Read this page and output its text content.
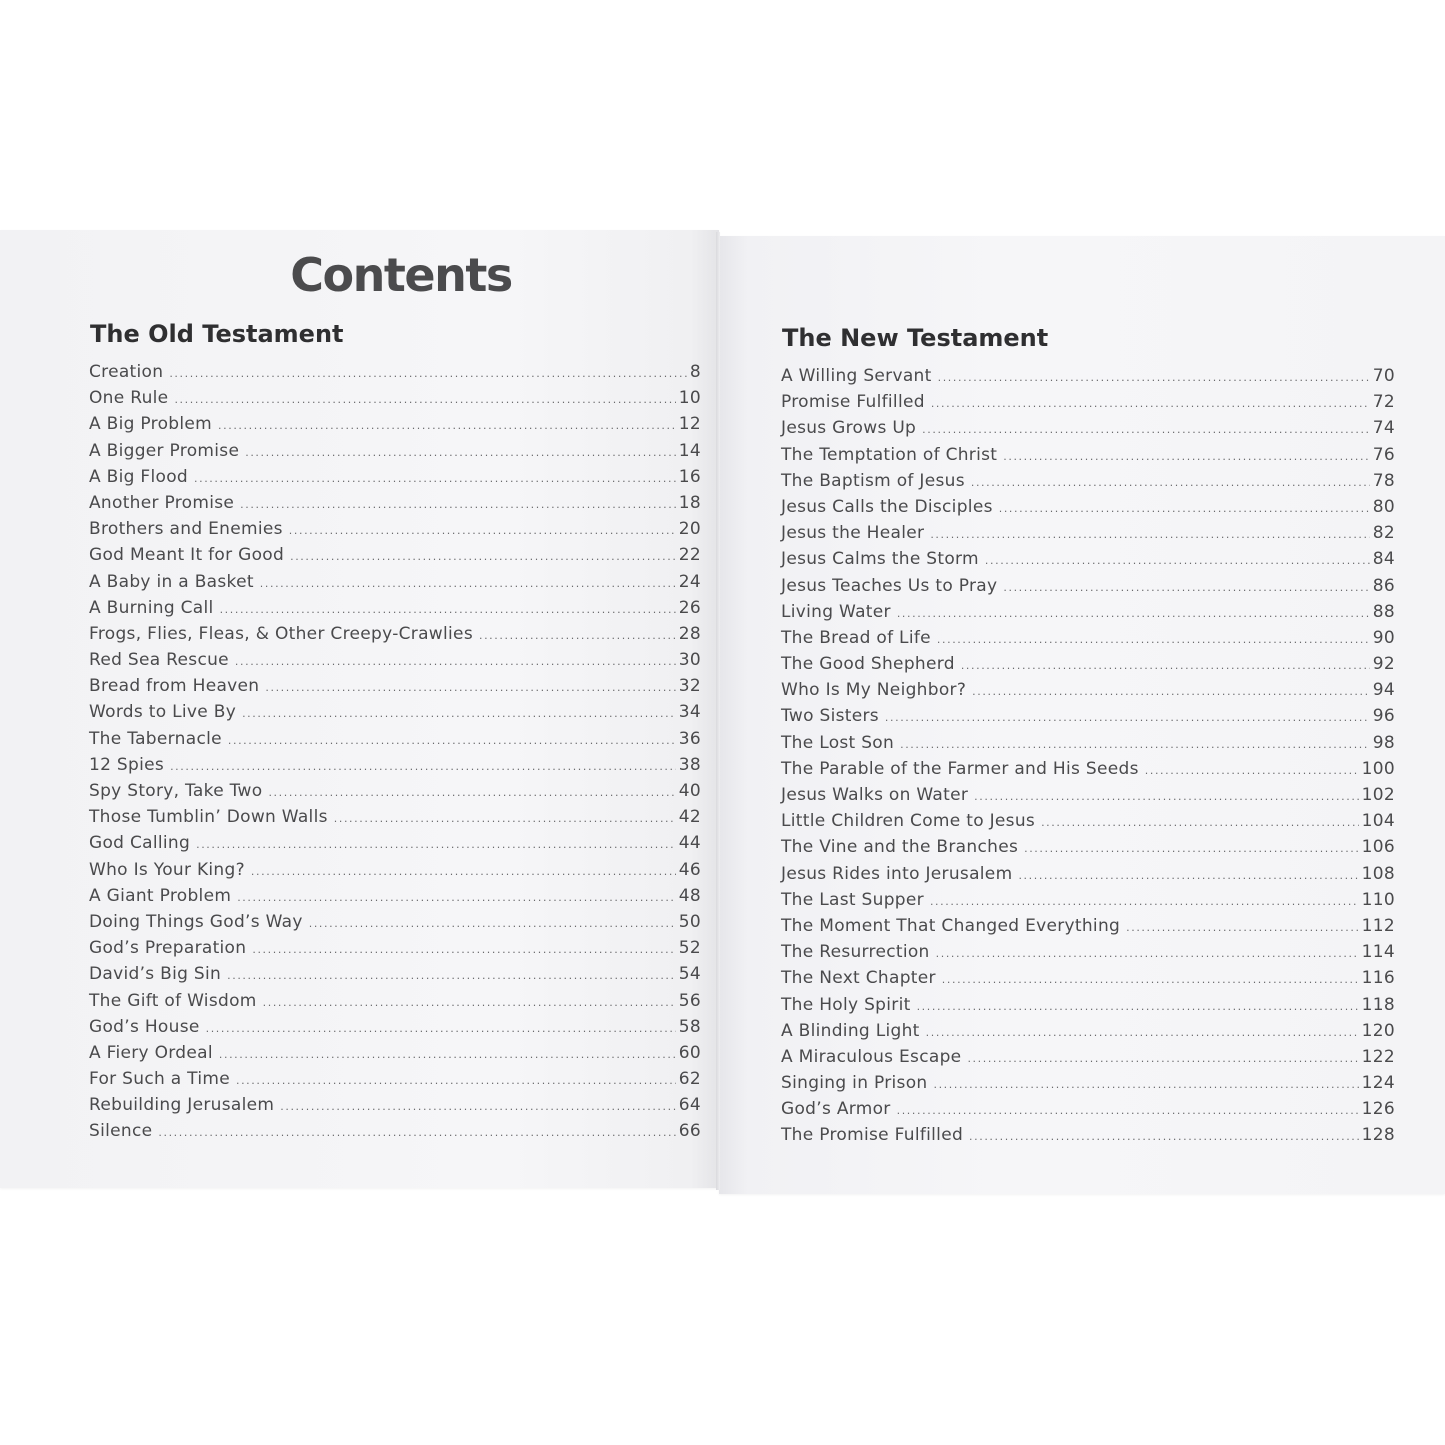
Contents
The Old Testament
Creation .....	8
One Rule .....	10
A Big Problem .....	12
A Bigger Promise .....	14
A Big Flood .....	16
Another Promise .....	18
Brothers and Enemies .....	20
God Meant It for Good .....	22
A Baby in a Basket .....	24
A Burning Call .....	26
Frogs, Flies, Fleas, & Other Creepy-Crawlies .....	28
Red Sea Rescue .....	30
Bread from Heaven .....	32
Words to Live By .....	34
The Tabernacle .....	36
12 Spies .....	38
Spy Story, Take Two .....	40
Those Tumblin’ Down Walls .....	42
God Calling .....	44
Who Is Your King? .....	46
A Giant Problem .....	48
Doing Things God’s Way .....	50
God’s Preparation .....	52
David’s Big Sin .....	54
The Gift of Wisdom .....	56
God’s House .....	58
A Fiery Ordeal .....	60
For Such a Time .....	62
Rebuilding Jerusalem .....	64
Silence .....	66
The New Testament
A Willing Servant .....	70
Promise Fulfilled .....	72
Jesus Grows Up .....	74
The Temptation of Christ .....	76
The Baptism of Jesus .....	78
Jesus Calls the Disciples .....	80
Jesus the Healer .....	82
Jesus Calms the Storm .....	84
Jesus Teaches Us to Pray .....	86
Living Water .....	88
The Bread of Life .....	90
The Good Shepherd .....	92
Who Is My Neighbor? .....	94
Two Sisters .....	96
The Lost Son .....	98
The Parable of the Farmer and His Seeds .....	100
Jesus Walks on Water .....	102
Little Children Come to Jesus .....	104
The Vine and the Branches .....	106
Jesus Rides into Jerusalem .....	108
The Last Supper .....	110
The Moment That Changed Everything .....	112
The Resurrection .....	114
The Next Chapter .....	116
The Holy Spirit .....	118
A Blinding Light .....	120
A Miraculous Escape .....	122
Singing in Prison .....	124
God’s Armor .....	126
The Promise Fulfilled .....	128
